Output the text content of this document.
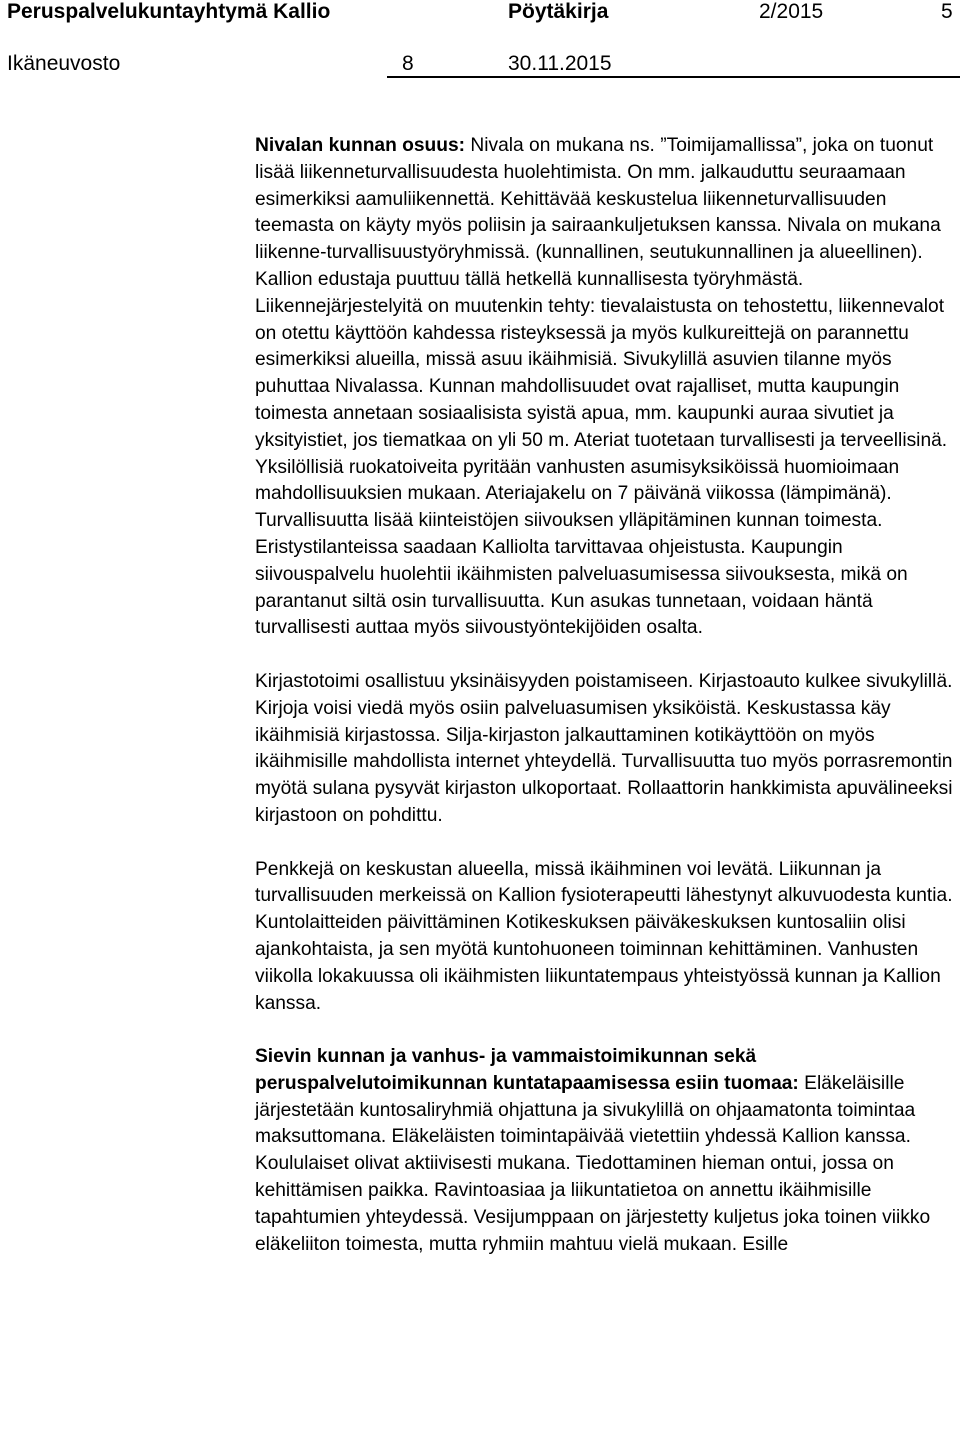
Peruspalvelukuntayhtymä Kallio	Pöytäkirja	2/2015	5
Ikäneuvosto	8	30.11.2015

Nivalan kunnan osuus: Nivala on mukana ns. ”Toimijamallissa”, joka on tuonut lisää liikenneturvallisuudesta huolehtimista. On mm. jalkauduttu seuraamaan esimerkiksi aamuliikennettä. Kehittävää keskustelua liikenneturvallisuuden teemasta on käyty myös poliisin ja sairaankuljetuksen kanssa. Nivala on mukana liikenne-turvallisuustyöryhmissä. (kunnallinen, seutukunnallinen ja alueellinen). Kallion edustaja puuttuu tällä hetkellä kunnallisesta työryhmästä. Liikennejärjestelyitä on muutenkin tehty: tievalaistusta on tehostettu, liikennevalot on otettu käyttöön kahdessa risteyksessä ja myös kulkureittejä on parannettu esimerkiksi alueilla, missä asuu ikäihmisiä. Sivukylillä asuvien tilanne myös puhuttaa Nivalassa. Kunnan mahdollisuudet ovat rajalliset, mutta kaupungin toimesta annetaan sosiaalisista syistä apua, mm. kaupunki auraa sivutiet ja yksityistiet, jos tiematkaa on yli 50 m. Ateriat tuotetaan turvallisesti ja terveellisinä. Yksilöllisiä ruokatoiveita pyritään vanhusten asumisyksiköissä huomioimaan mahdollisuuksien mukaan. Ateriajakelu on 7 päivänä viikossa (lämpimänä). Turvallisuutta lisää kiinteistöjen siivouksen ylläpitäminen kunnan toimesta. Eristystilanteissa saadaan Kalliolta tarvittavaa ohjeistusta. Kaupungin siivouspalvelu huolehtii ikäihmisten palveluasumisessa siivouksesta, mikä on parantanut siltä osin turvallisuutta. Kun asukas tunnetaan, voidaan häntä turvallisesti auttaa myös siivoustyöntekijöiden osalta.

Kirjastotoimi osallistuu yksinäisyyden poistamiseen. Kirjastoauto kulkee sivukylillä. Kirjoja voisi viedä myös osiin palveluasumisen yksiköistä. Keskustassa käy ikäihmisiä kirjastossa. Silja-kirjaston jalkauttaminen kotikäyttöön on myös ikäihmisille mahdollista internet yhteydellä. Turvallisuutta tuo myös porrasremontin myötä sulana pysyvät kirjaston ulkoportaat. Rollaattorin hankkimista apuvälineeksi kirjastoon on pohdittu.

Penkkejä on keskustan alueella, missä ikäihminen voi levätä. Liikunnan ja turvallisuuden merkeissä on Kallion fysioterapeutti lähestynyt alkuvuodesta kuntia. Kuntolaitteiden päivittäminen Kotikeskuksen päiväkeskuksen kuntosaliin olisi ajankohtaista, ja sen myötä kuntohuoneen toiminnan kehittäminen. Vanhusten viikolla lokakuussa oli ikäihmisten liikuntatempaus yhteistyössä kunnan ja Kallion kanssa.

Sievin kunnan ja vanhus- ja vammaistoimikunnan sekä peruspalvelutoimikunnan kuntatapaamisessa esiin tuomaa: Eläkeläisille järjestetään kuntosaliryhmiä ohjattuna ja sivukylillä on ohjaamatonta toimintaa maksuttomana. Eläkeläisten toimintapäivää vietettiin yhdessä Kallion kanssa. Koululaiset olivat aktiivisesti mukana. Tiedottaminen hieman ontui, jossa on kehittämisen paikka. Ravintoasiaa ja liikuntatietoa on annettu ikäihmisille tapahtumien yhteydessä. Vesijumppaan on järjestetty kuljetus joka toinen viikko eläkeliiton toimesta, mutta ryhmiin mahtuu vielä mukaan. Esille
